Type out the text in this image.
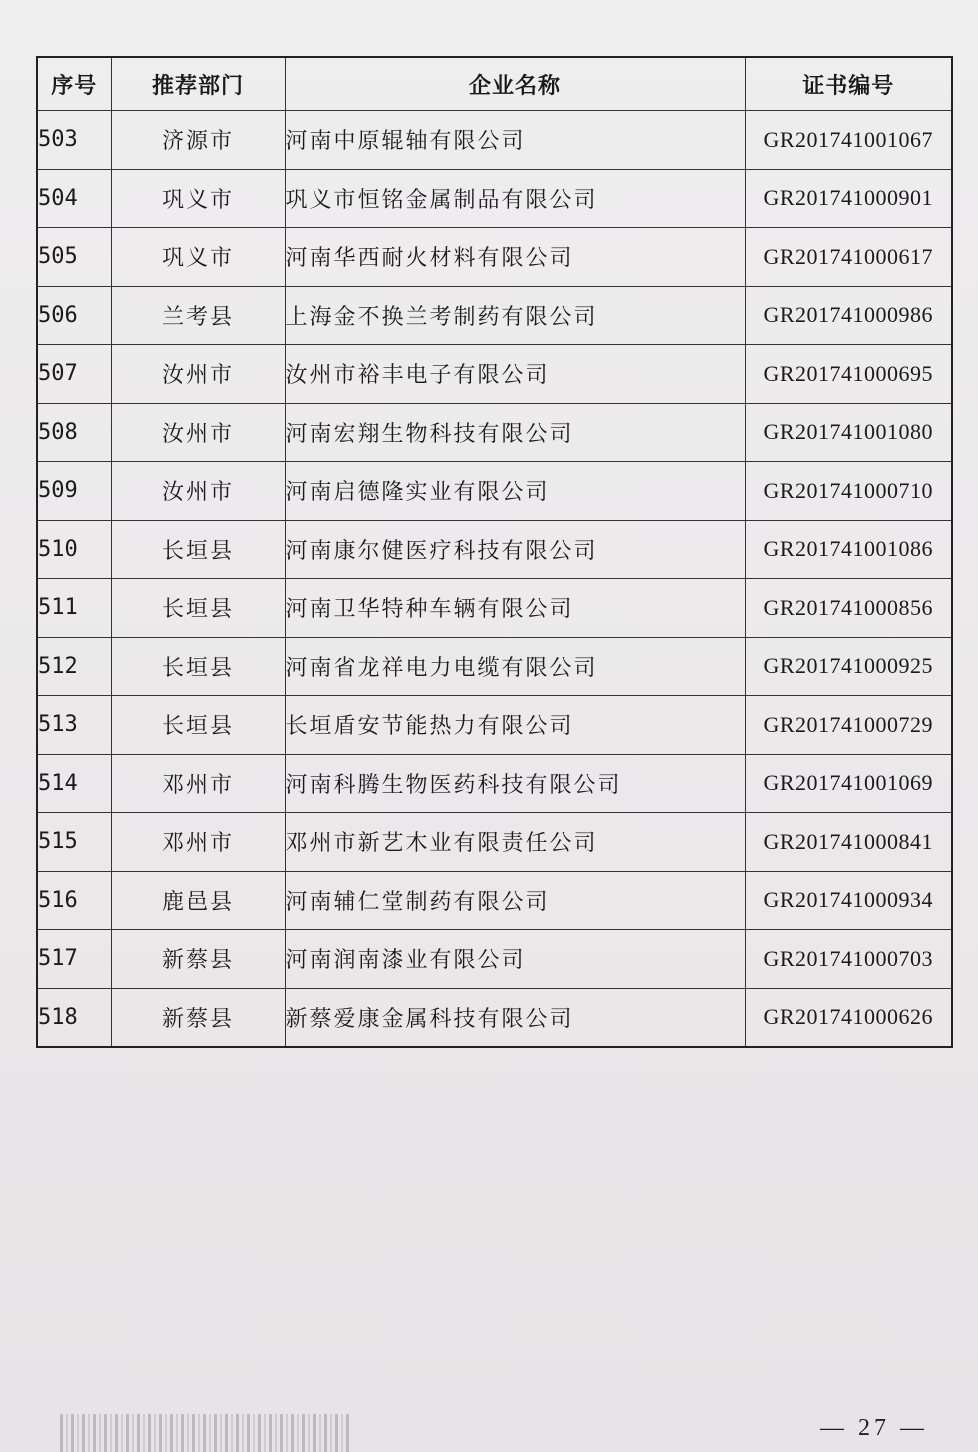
序号	推荐部门	企业名称	证书编号
503	济源市	河南中原辊轴有限公司	GR201741001067
504	巩义市	巩义市恒铭金属制品有限公司	GR201741000901
505	巩义市	河南华西耐火材料有限公司	GR201741000617
506	兰考县	上海金不换兰考制药有限公司	GR201741000986
507	汝州市	汝州市裕丰电子有限公司	GR201741000695
508	汝州市	河南宏翔生物科技有限公司	GR201741001080
509	汝州市	河南启德隆实业有限公司	GR201741000710
510	长垣县	河南康尔健医疗科技有限公司	GR201741001086
511	长垣县	河南卫华特种车辆有限公司	GR201741000856
512	长垣县	河南省龙祥电力电缆有限公司	GR201741000925
513	长垣县	长垣盾安节能热力有限公司	GR201741000729
514	邓州市	河南科腾生物医药科技有限公司	GR201741001069
515	邓州市	邓州市新艺木业有限责任公司	GR201741000841
516	鹿邑县	河南辅仁堂制药有限公司	GR201741000934
517	新蔡县	河南润南漆业有限公司	GR201741000703
518	新蔡县	新蔡爱康金属科技有限公司	GR201741000626
— 27 —
